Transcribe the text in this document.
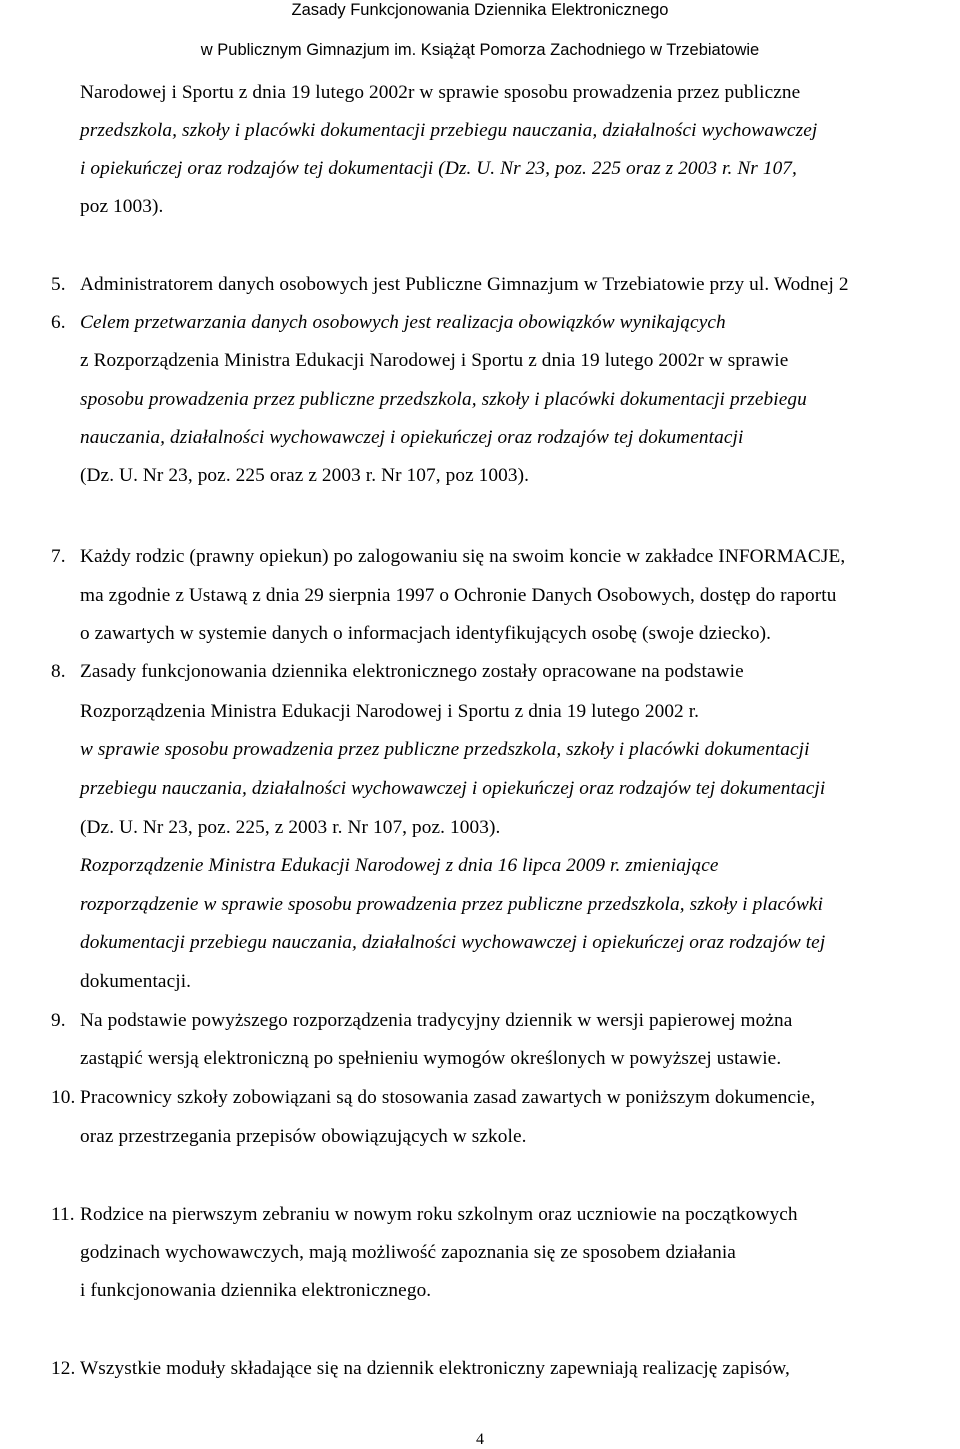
Zasady Funkcjonowania Dziennika Elektronicznego
w Publicznym Gimnazjum im. Książąt Pomorza Zachodniego w Trzebiatowie
Narodowej i Sportu z dnia 19 lutego 2002r w sprawie sposobu prowadzenia przez publiczne
przedszkola, szkoły i placówki dokumentacji przebiegu nauczania, działalności wychowawczej
i opiekuńczej oraz rodzajów tej dokumentacji (Dz. U. Nr 23, poz. 225 oraz z 2003 r. Nr 107,
poz 1003).
5. Administratorem danych osobowych jest Publiczne Gimnazjum w Trzebiatowie przy ul. Wodnej 2
6. Celem przetwarzania danych osobowych jest realizacja obowiązków wynikających
z Rozporządzenia Ministra Edukacji Narodowej i Sportu z dnia 19 lutego 2002r w sprawie
sposobu prowadzenia przez publiczne przedszkola, szkoły i placówki dokumentacji przebiegu
nauczania, działalności wychowawczej i opiekuńczej oraz rodzajów tej dokumentacji
(Dz. U. Nr 23, poz. 225 oraz z 2003 r. Nr 107, poz 1003).
7. Każdy rodzic (prawny opiekun) po zalogowaniu się na swoim koncie w zakładce INFORMACJE,
ma zgodnie z Ustawą z dnia 29 sierpnia 1997 o Ochronie Danych Osobowych, dostęp do raportu
o zawartych w systemie danych o informacjach identyfikujących osobę (swoje dziecko).
8. Zasady funkcjonowania dziennika elektronicznego zostały opracowane na podstawie
Rozporządzenia Ministra Edukacji Narodowej i Sportu z dnia 19 lutego 2002 r.
w sprawie sposobu prowadzenia przez publiczne przedszkola, szkoły i placówki dokumentacji
przebiegu nauczania, działalności wychowawczej i opiekuńczej oraz rodzajów tej dokumentacji
(Dz. U. Nr 23, poz. 225, z 2003 r. Nr 107, poz. 1003).
Rozporządzenie Ministra Edukacji Narodowej z dnia 16 lipca 2009 r. zmieniające
rozporządzenie w sprawie sposobu prowadzenia przez publiczne przedszkola, szkoły i placówki
dokumentacji przebiegu nauczania, działalności wychowawczej i opiekuńczej oraz rodzajów tej
dokumentacji.
9. Na podstawie powyższego rozporządzenia tradycyjny dziennik w wersji papierowej można
zastąpić wersją elektroniczną po spełnieniu wymogów określonych w powyższej ustawie.
10. Pracownicy szkoły zobowiązani są do stosowania zasad zawartych w poniższym dokumencie,
oraz przestrzegania przepisów obowiązujących w szkole.
11. Rodzice na pierwszym zebraniu w nowym roku szkolnym oraz uczniowie na początkowych
godzinach wychowawczych, mają możliwość zapoznania się ze sposobem działania
i funkcjonowania dziennika elektronicznego.
12. Wszystkie moduły składające się na dziennik elektroniczny zapewniają realizację zapisów,
4
